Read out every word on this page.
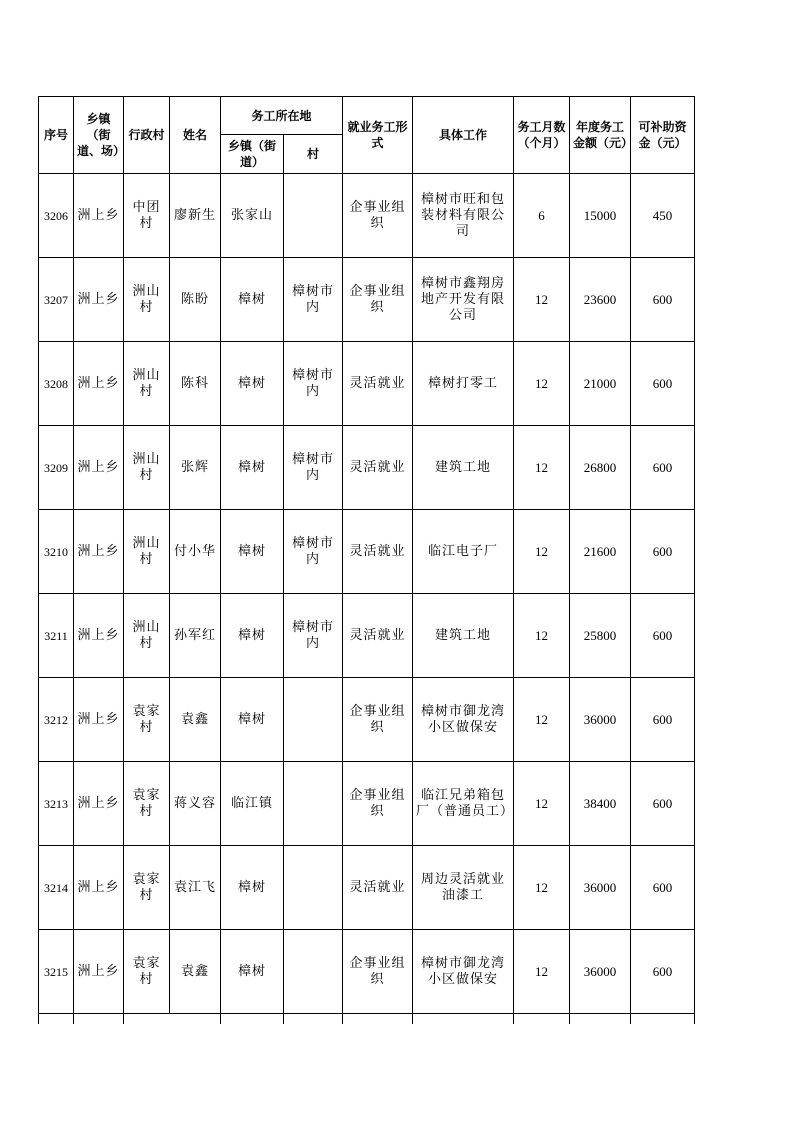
序号	乡镇（街道、场）	行政村	姓名	务工所在地		就业务工形式	具体工作	务工月数（个月）	年度务工金额（元）	可补助资金（元）
				乡镇（街道）	村					
3206	洲上乡	中团村	廖新生	张家山		企事业组织	樟树市旺和包装材料有限公司	6	15000	450
3207	洲上乡	洲山村	陈盼	樟树	樟树市内	企事业组织	樟树市鑫翔房地产开发有限公司	12	23600	600
3208	洲上乡	洲山村	陈科	樟树	樟树市内	灵活就业	樟树打零工	12	21000	600
3209	洲上乡	洲山村	张辉	樟树	樟树市内	灵活就业	建筑工地	12	26800	600
3210	洲上乡	洲山村	付小华	樟树	樟树市内	灵活就业	临江电子厂	12	21600	600
3211	洲上乡	洲山村	孙军红	樟树	樟树市内	灵活就业	建筑工地	12	25800	600
3212	洲上乡	袁家村	袁鑫	樟树		企事业组织	樟树市御龙湾小区做保安	12	36000	600
3213	洲上乡	袁家村	蒋义容	临江镇		企事业组织	临江兄弟箱包厂（普通员工）	12	38400	600
3214	洲上乡	袁家村	袁江飞	樟树		灵活就业	周边灵活就业油漆工	12	36000	600
3215	洲上乡	袁家村	袁鑫	樟树		企事业组织	樟树市御龙湾小区做保安	12	36000	600
